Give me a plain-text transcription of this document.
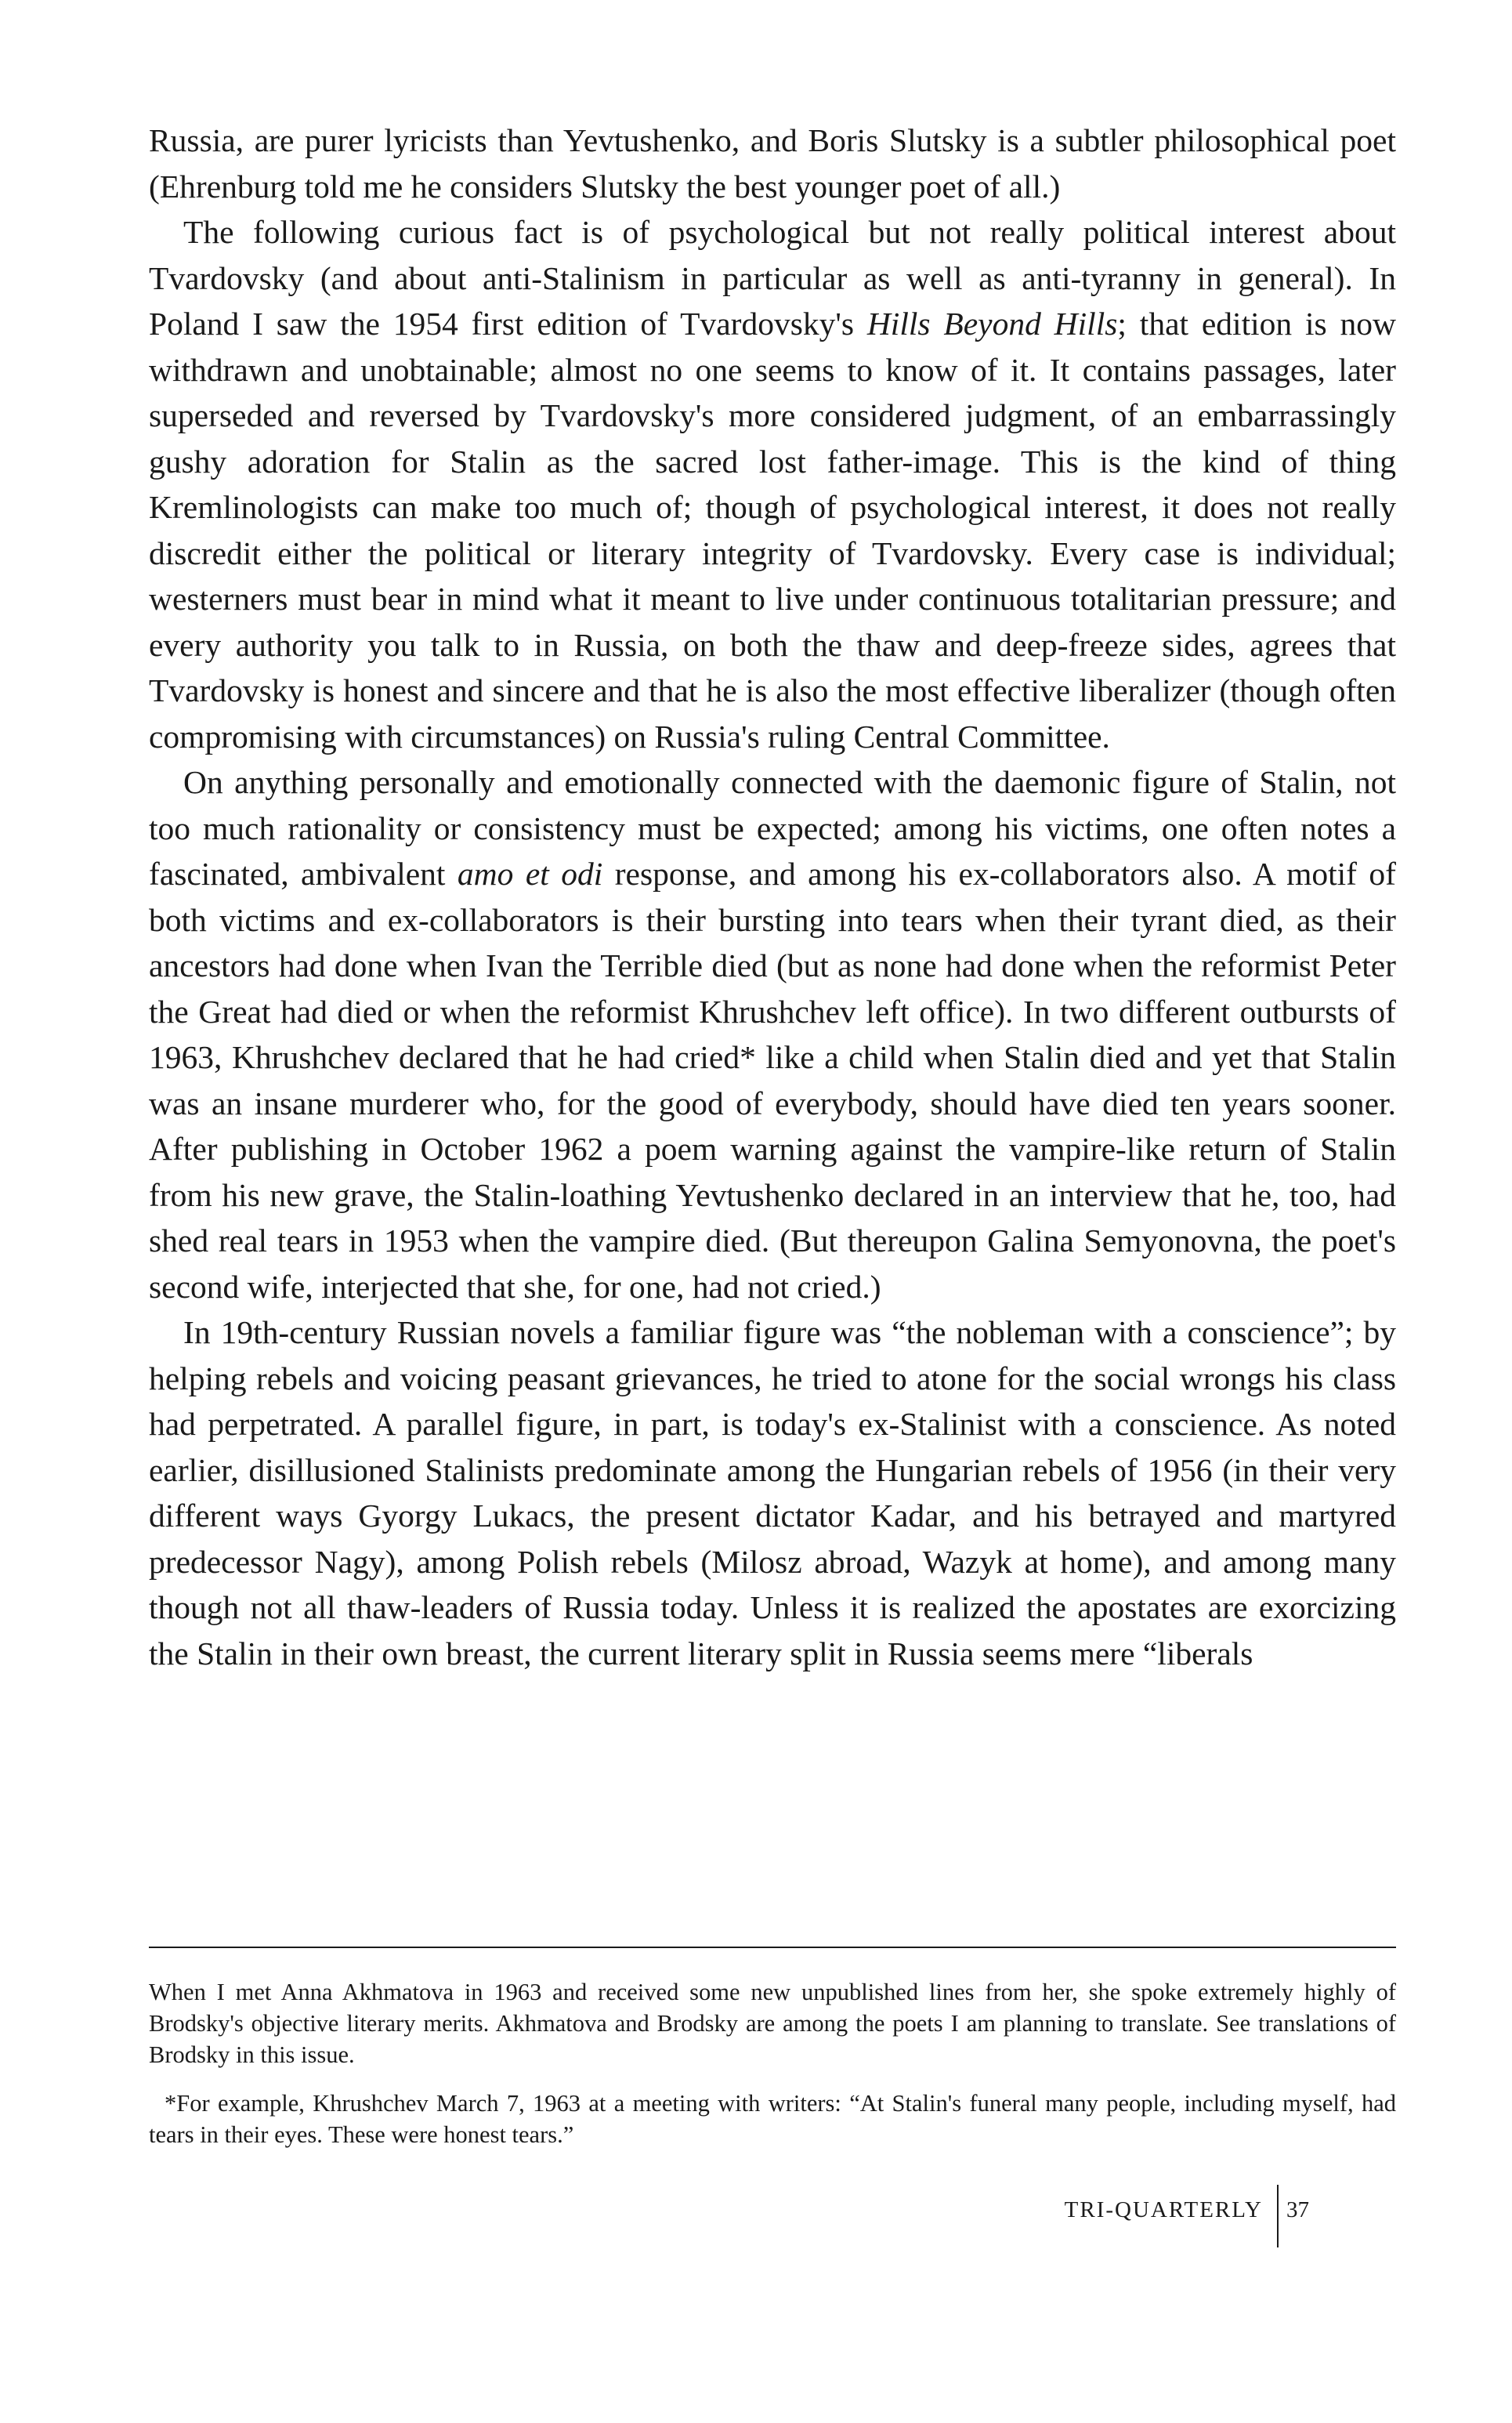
Russia, are purer lyricists than Yevtushenko, and Boris Slutsky is a subtler philosophical poet (Ehrenburg told me he considers Slutsky the best younger poet of all.)

The following curious fact is of psychological but not really political interest about Tvardovsky (and about anti-Stalinism in particular as well as anti-tyranny in general). In Poland I saw the 1954 first edition of Tvardovsky's Hills Beyond Hills; that edition is now withdrawn and unobtainable; almost no one seems to know of it. It contains passages, later superseded and reversed by Tvardovsky's more considered judgment, of an embarrassingly gushy adoration for Stalin as the sacred lost father-image. This is the kind of thing Kremlinologists can make too much of; though of psychological interest, it does not really discredit either the political or literary integrity of Tvardovsky. Every case is individual; westerners must bear in mind what it meant to live under continuous totalitarian pressure; and every authority you talk to in Russia, on both the thaw and deep-freeze sides, agrees that Tvardovsky is honest and sincere and that he is also the most effective liberalizer (though often compromising with circumstances) on Russia's ruling Central Committee.

On anything personally and emotionally connected with the daemonic figure of Stalin, not too much rationality or consistency must be expected; among his victims, one often notes a fascinated, ambivalent amo et odi response, and among his ex-collaborators also. A motif of both victims and ex-collaborators is their bursting into tears when their tyrant died, as their ancestors had done when Ivan the Terrible died (but as none had done when the reformist Peter the Great had died or when the reformist Khrushchev left office). In two different outbursts of 1963, Khrushchev declared that he had cried* like a child when Stalin died and yet that Stalin was an insane murderer who, for the good of everybody, should have died ten years sooner. After publishing in October 1962 a poem warning against the vampire-like return of Stalin from his new grave, the Stalin-loathing Yevtushenko declared in an interview that he, too, had shed real tears in 1953 when the vampire died. (But thereupon Galina Semyonovna, the poet's second wife, interjected that she, for one, had not cried.)

In 19th-century Russian novels a familiar figure was “the nobleman with a conscience”; by helping rebels and voicing peasant grievances, he tried to atone for the social wrongs his class had perpetrated. A parallel figure, in part, is today's ex-Stalinist with a conscience. As noted earlier, disillusioned Stalinists predominate among the Hungarian rebels of 1956 (in their very different ways Gyorgy Lukacs, the present dictator Kadar, and his betrayed and martyred predecessor Nagy), among Polish rebels (Milosz abroad, Wazyk at home), and among many though not all thaw-leaders of Russia today. Unless it is realized the apostates are exorcizing the Stalin in their own breast, the current literary split in Russia seems mere “liberals

When I met Anna Akhmatova in 1963 and received some new unpublished lines from her, she spoke extremely highly of Brodsky's objective literary merits. Akhmatova and Brodsky are among the poets I am planning to translate. See translations of Brodsky in this issue.

*For example, Khrushchev March 7, 1963 at a meeting with writers: “At Stalin's funeral many people, including myself, had tears in their eyes. These were honest tears.”

TRI-QUARTERLY 37
